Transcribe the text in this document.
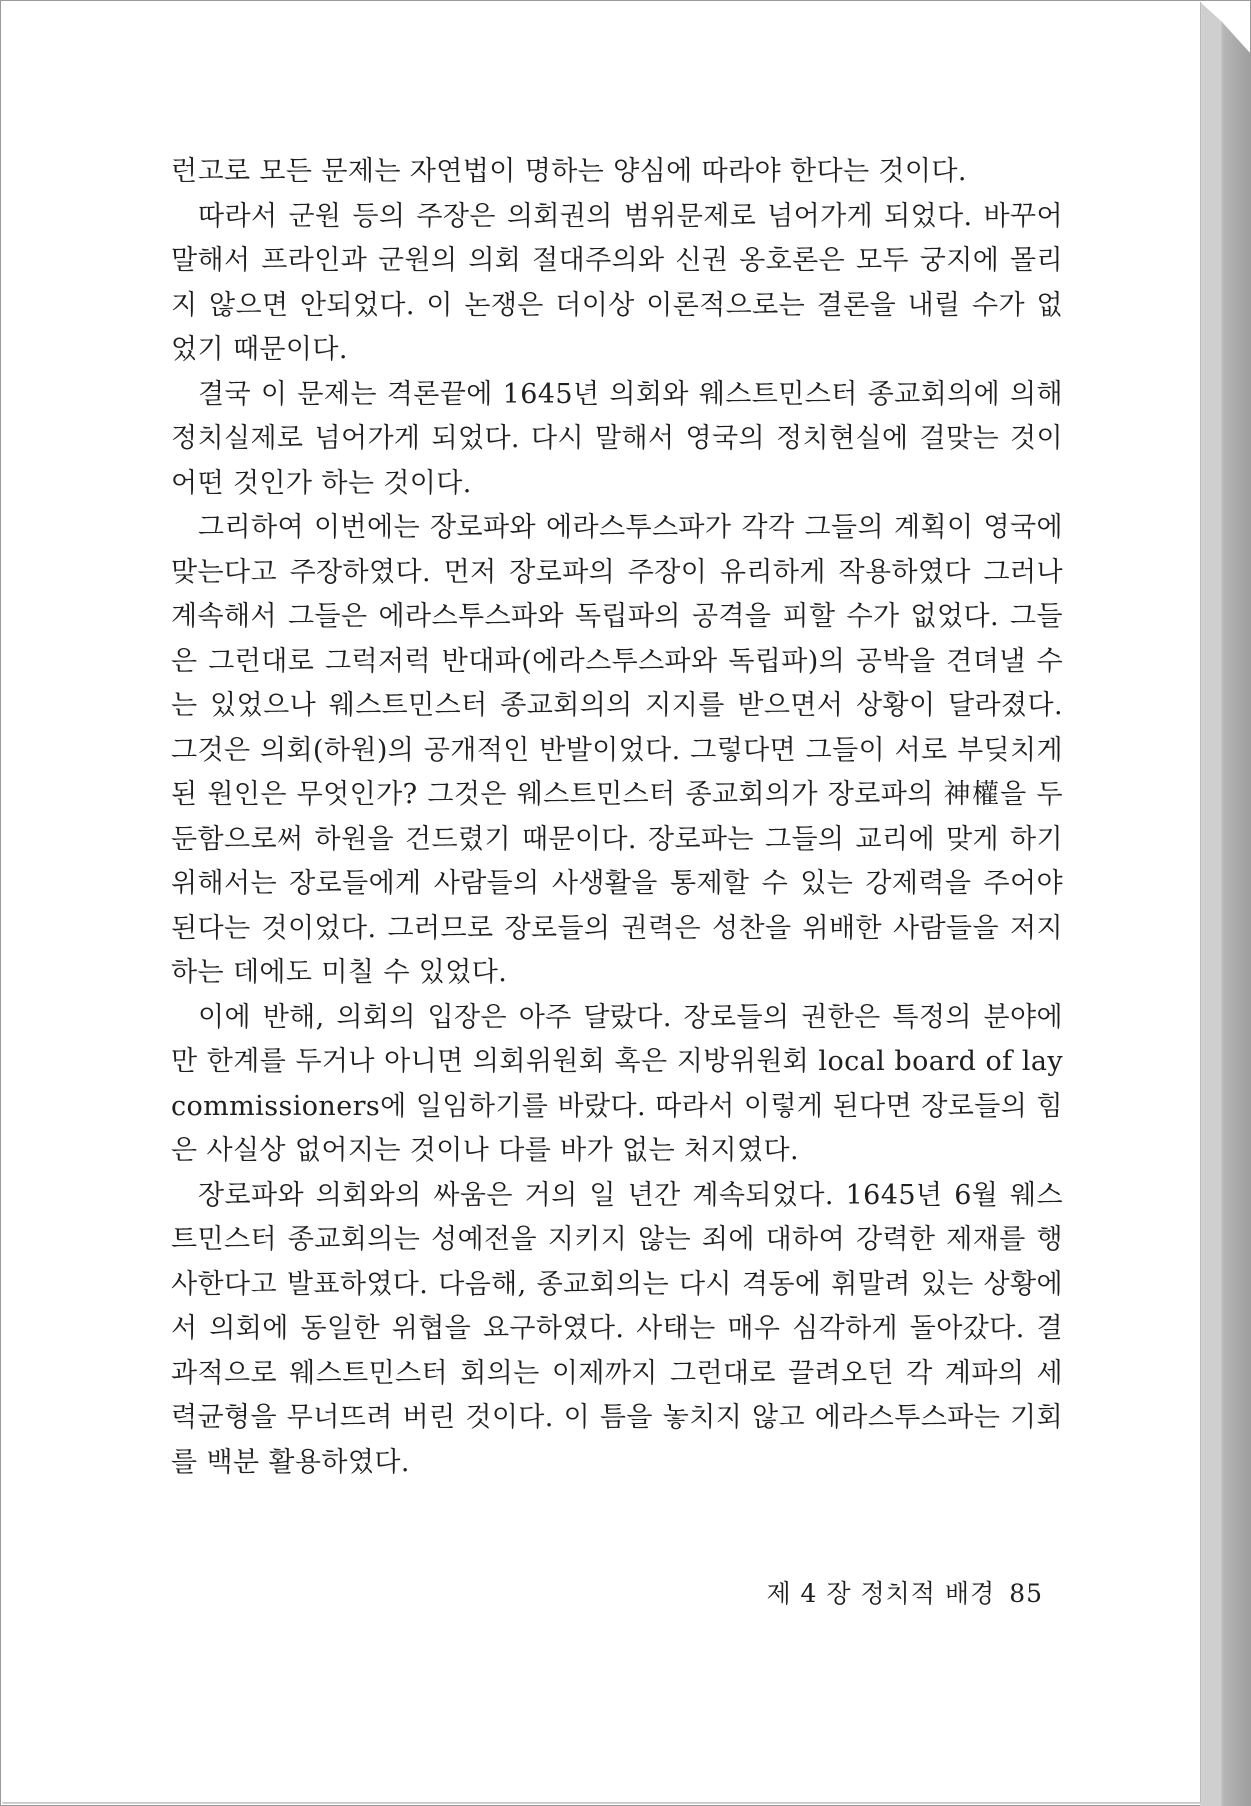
런고로 모든 문제는 자연법이 명하는 양심에 따라야 한다는 것이다.

따라서 군원 등의 주장은 의회권의 범위문제로 넘어가게 되었다. 바꾸어 말해서 프라인과 군원의 의회 절대주의와 신권 옹호론은 모두 궁지에 몰리지 않으면 안되었다. 이 논쟁은 더이상 이론적으로는 결론을 내릴 수가 없었기 때문이다.

결국 이 문제는 격론끝에 1645년 의회와 웨스트민스터 종교회의에 의해 정치실제로 넘어가게 되었다. 다시 말해서 영국의 정치현실에 걸맞는 것이 어떤 것인가 하는 것이다.

그리하여 이번에는 장로파와 에라스투스파가 각각 그들의 계획이 영국에 맞는다고 주장하였다. 먼저 장로파의 주장이 유리하게 작용하였다 그러나 계속해서 그들은 에라스투스파와 독립파의 공격을 피할 수가 없었다. 그들은 그런대로 그럭저럭 반대파(에라스투스파와 독립파)의 공박을 견뎌낼 수는 있었으나 웨스트민스터 종교회의의 지지를 받으면서 상황이 달라졌다. 그것은 의회(하원)의 공개적인 반발이었다. 그렇다면 그들이 서로 부딪치게 된 원인은 무엇인가? 그것은 웨스트민스터 종교회의가 장로파의 神權을 두둔함으로써 하원을 건드렸기 때문이다. 장로파는 그들의 교리에 맞게 하기 위해서는 장로들에게 사람들의 사생활을 통제할 수 있는 강제력을 주어야 된다는 것이었다. 그러므로 장로들의 권력은 성찬을 위배한 사람들을 저지하는 데에도 미칠 수 있었다.

이에 반해, 의회의 입장은 아주 달랐다. 장로들의 권한은 특정의 분야에만 한계를 두거나 아니면 의회위원회 혹은 지방위원회 local board of lay commissioners에 일임하기를 바랐다. 따라서 이렇게 된다면 장로들의 힘은 사실상 없어지는 것이나 다를 바가 없는 처지였다.

장로파와 의회와의 싸움은 거의 일 년간 계속되었다. 1645년 6월 웨스트민스터 종교회의는 성예전을 지키지 않는 죄에 대하여 강력한 제재를 행사한다고 발표하였다. 다음해, 종교회의는 다시 격동에 휘말려 있는 상황에서 의회에 동일한 위협을 요구하였다. 사태는 매우 심각하게 돌아갔다. 결과적으로 웨스트민스터 회의는 이제까지 그런대로 끌려오던 각 계파의 세력균형을 무너뜨려 버린 것이다. 이 틈을 놓치지 않고 에라스투스파는 기회를 백분 활용하였다.

제 4 장 정치적 배경 85
